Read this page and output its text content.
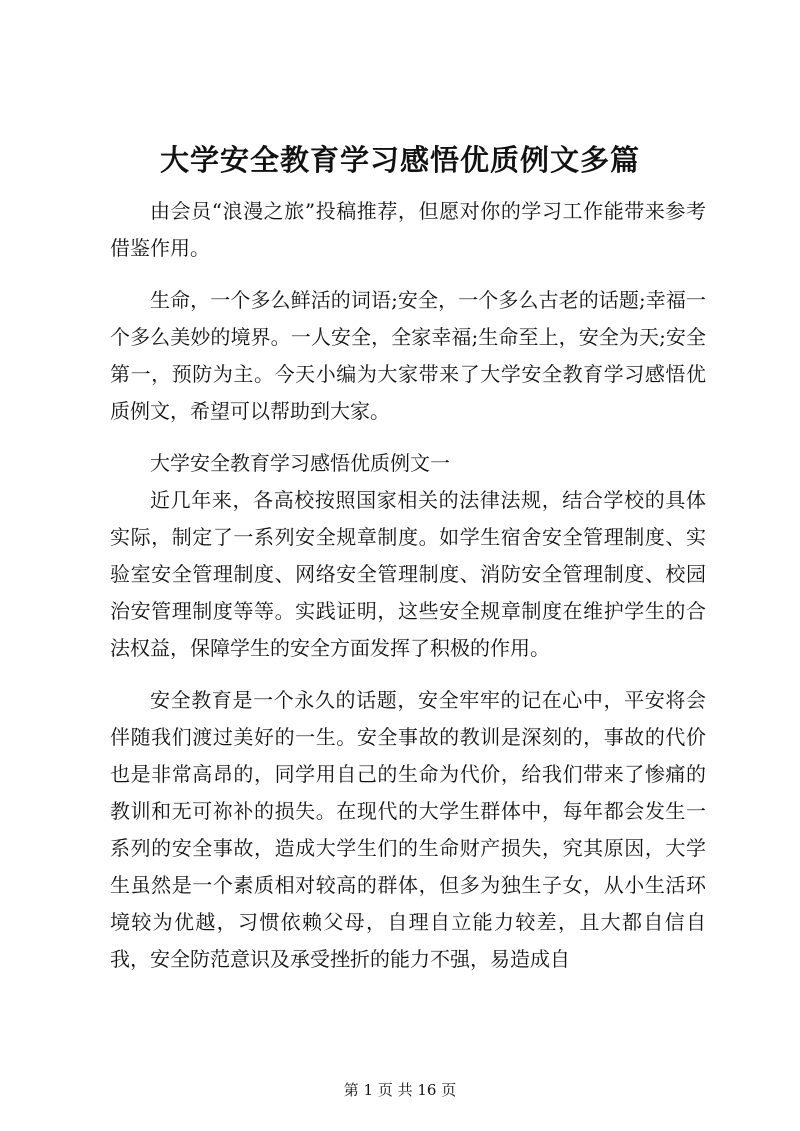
大学安全教育学习感悟优质例文多篇

由会员“浪漫之旅”投稿推荐，但愿对你的学习工作能带来参考借鉴作用。

生命，一个多么鲜活的词语;安全，一个多么古老的话题;幸福一个多么美妙的境界。一人安全，全家幸福;生命至上，安全为天;安全第一，预防为主。今天小编为大家带来了大学安全教育学习感悟优质例文，希望可以帮助到大家。

大学安全教育学习感悟优质例文一

近几年来，各高校按照国家相关的法律法规，结合学校的具体实际，制定了一系列安全规章制度。如学生宿舍安全管理制度、实验室安全管理制度、网络安全管理制度、消防安全管理制度、校园治安管理制度等等。实践证明，这些安全规章制度在维护学生的合法权益，保障学生的安全方面发挥了积极的作用。

安全教育是一个永久的话题，安全牢牢的记在心中，平安将会伴随我们渡过美好的一生。安全事故的教训是深刻的，事故的代价也是非常高昂的，同学用自己的生命为代价，给我们带来了惨痛的教训和无可祢补的损失。在现代的大学生群体中，每年都会发生一系列的安全事故，造成大学生们的生命财产损失，究其原因，大学生虽然是一个素质相对较高的群体，但多为独生子女，从小生活环境较为优越，习惯依赖父母，自理自立能力较差，且大都自信自我，安全防范意识及承受挫折的能力不强，易造成自

第 1 页 共 16 页
